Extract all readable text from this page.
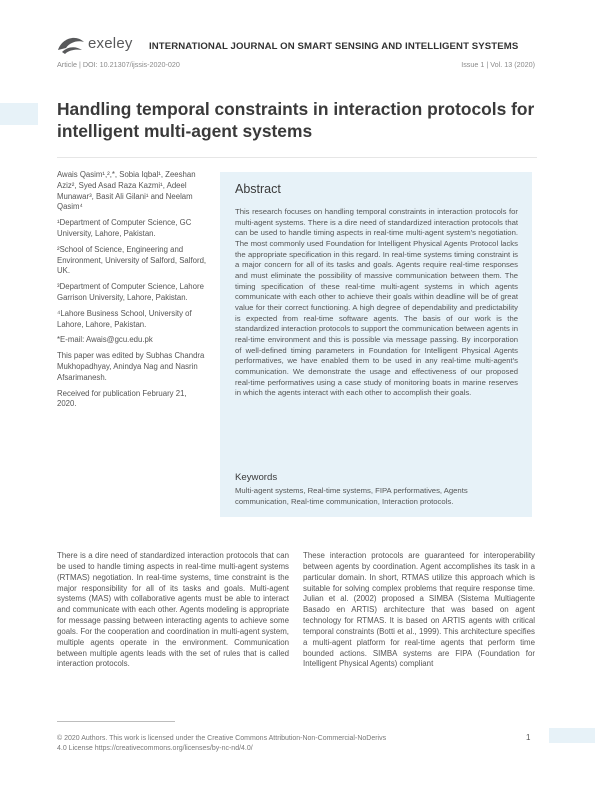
exeley INTERNATIONAL JOURNAL ON SMART SENSING AND INTELLIGENT SYSTEMS
Article | DOI: 10.21307/ijssis-2020-020	Issue 1 | Vol. 13 (2020)
Handling temporal constraints in interaction protocols for intelligent multi-agent systems

Awais Qasim¹,²,*, Sobia Iqbal¹, Zeeshan Aziz², Syed Asad Raza Kazmi¹, Adeel Munawar³, Basit Ali Gilani¹ and Neelam Qasim⁴

¹Department of Computer Science, GC University, Lahore, Pakistan.

²School of Science, Engineering and Environment, University of Salford, Salford, UK.

³Department of Computer Science, Lahore Garrison University, Lahore, Pakistan.

⁴Lahore Business School, University of Lahore, Lahore, Pakistan.

*E-mail: Awais@gcu.edu.pk

This paper was edited by Subhas Chandra Mukhopadhyay, Anindya Nag and Nasrin Afsarimanesh.

Received for publication February 21, 2020.

Abstract
This research focuses on handling temporal constraints in interaction protocols for multi-agent systems. There is a dire need of standardized interaction protocols that can be used to handle timing aspects in real-time multi-agent system's negotiation. The most commonly used Foundation for Intelligent Physical Agents Protocol lacks the appropriate specification in this regard. In real-time systems timing constraint is a major concern for all of its tasks and goals. Agents require real-time responses and must eliminate the possibility of massive communication between them. The timing specification of these real-time multi-agent systems in which agents communicate with each other to achieve their goals within deadline will be of great value for their correct functioning. A high degree of dependability and predictability is expected from real-time software agents. The basis of our work is the standardized interaction protocols to support the communication between agents in real-time environment and this is possible via message passing. By incorporation of well-defined timing parameters in Foundation for Intelligent Physical Agents performatives, we have enabled them to be used in any real-time multi-agent's communication. We demonstrate the usage and effectiveness of our proposed real-time performatives using a case study of monitoring boats in marine reserves in which the agents interact with each other to accomplish their goals.
Keywords
Multi-agent systems, Real-time systems, FIPA performatives, Agents communication, Real-time communication, Interaction protocols.
There is a dire need of standardized interaction protocols that can be used to handle timing aspects in real-time multi-agent systems (RTMAS) negotiation. In real-time systems, time constraint is the major responsibility for all of its tasks and goals. Multi-agent systems (MAS) with collaborative agents must be able to interact and communicate with each other. Agents modeling is appropriate for message passing between interacting agents to achieve some goals. For the cooperation and coordination in multi-agent system, multiple agents operate in the environment. Communication between multiple agents leads with the set of rules that is called interaction protocols.
These interaction protocols are guaranteed for interoperability between agents by coordination. Agent accomplishes its task in a particular domain. In short, RTMAS utilize this approach which is suitable for solving complex problems that require response time. Julian et al. (2002) proposed a SIMBA (Sistema Multiagente Basado en ARTIS) architecture that was based on agent technology for RTMAS. It is based on ARTIS agents with critical temporal constraints (Botti et al., 1999). This architecture specifies a multi-agent platform for real-time agents that perform time bounded actions. SIMBA systems are FIPA (Foundation for Intelligent Physical Agents) compliant
© 2020 Authors. This work is licensed under the Creative Commons Attribution-Non-Commercial-NoDerivs 4.0 License https://creativecommons.org/licenses/by-nc-nd/4.0/
1
